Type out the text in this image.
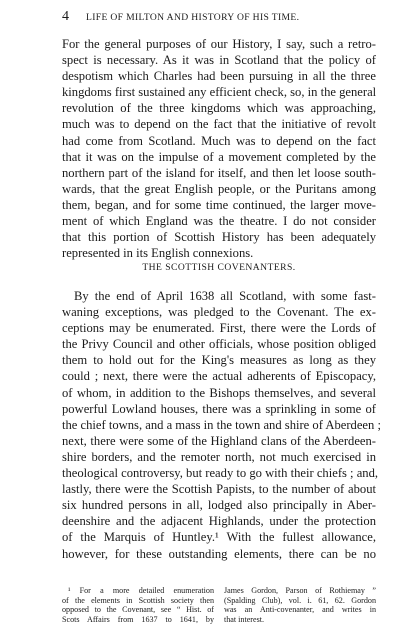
4 LIFE OF MILTON AND HISTORY OF HIS TIME.
For the general purposes of our History, I say, such a retro-
spect is necessary. As it was in Scotland that the policy of
despotism which Charles had been pursuing in all the three
kingdoms first sustained any efficient check, so, in the general
revolution of the three kingdoms which was approaching,
much was to depend on the fact that the initiative of revolt
had come from Scotland. Much was to depend on the fact
that it was on the impulse of a movement completed by the
northern part of the island for itself, and then let loose south-
wards, that the great English people, or the Puritans among
them, began, and for some time continued, the larger move-
ment of which England was the theatre. I do not consider
that this portion of Scottish History has been adequately
represented in its English connexions.
THE SCOTTISH COVENANTERS.
By the end of April 1638 all Scotland, with some fast-
waning exceptions, was pledged to the Covenant. The ex-
ceptions may be enumerated. First, there were the Lords of
the Privy Council and other officials, whose position obliged
them to hold out for the King's measures as long as they
could ; next, there were the actual adherents of Episcopacy,
of whom, in addition to the Bishops themselves, and several
powerful Lowland houses, there was a sprinkling in some of
the chief towns, and a mass in the town and shire of Aberdeen ;
next, there were some of the Highland clans of the Aberdeen-
shire borders, and the remoter north, not much exercised in
theological controversy, but ready to go with their chiefs ; and,
lastly, there were the Scottish Papists, to the number of about
six hundred persons in all, lodged also principally in Aber-
deenshire and the adjacent Highlands, under the protection
of the Marquis of Huntley.¹ With the fullest allowance,
however, for these outstanding elements, there can be no
¹ For a more detailed enumeration
of the elements in Scottish society then
opposed to the Covenant, see “ Hist. of
Scots Affairs from 1637 to 1641, by
James Gordon, Parson of Rothiemay ”
(Spalding Club), vol. i. 61, 62. Gordon
was an Anti-covenanter, and writes in
that interest.
